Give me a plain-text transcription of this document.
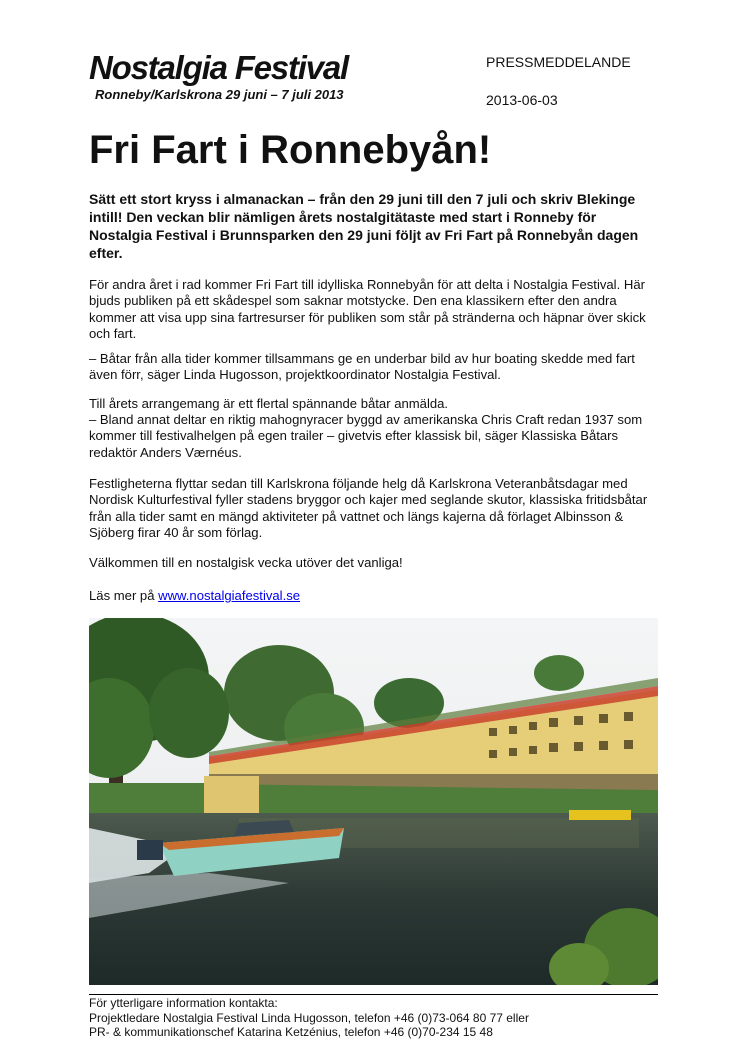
Nostalgia Festival
Ronneby/Karlskrona 29 juni – 7 juli 2013
PRESSMEDDELANDE
2013-06-03
Fri Fart i Ronnebyån!
Sätt ett stort kryss i almanackan – från den 29 juni till den 7 juli och skriv Blekinge intill! Den veckan blir nämligen årets nostalgitätaste med start i Ronneby för Nostalgia Festival i Brunnsparken den 29 juni följt av Fri Fart på Ronnebyån dagen efter.
För andra året i rad kommer Fri Fart till idylliska Ronnebyån för att delta i Nostalgia Festival. Här bjuds publiken på ett skådespel som saknar motstycke. Den ena klassikern efter den andra kommer att visa upp sina fartresurser för publiken som står på stränderna och häpnar över skick och fart.
– Båtar från alla tider kommer tillsammans ge en underbar bild av hur boating skedde med fart även förr, säger Linda Hugosson, projektkoordinator Nostalgia Festival.
Till årets arrangemang är ett flertal spännande båtar anmälda.
– Bland annat deltar en riktig mahognyracer byggd av amerikanska Chris Craft redan 1937 som kommer till festivalhelgen på egen trailer – givetvis efter klassisk bil, säger Klassiska Båtars redaktör Anders Værnéus.
Festligheterna flyttar sedan till Karlskrona följande helg då Karlskrona Veteranbåtsdagar med Nordisk Kulturfestival fyller stadens bryggor och kajer med seglande skutor, klassiska fritidsbåtar från alla tider samt en mängd aktiviteter på vattnet och längs kajerna då förlaget Albinsson & Sjöberg firar 40 år som förlag.
Välkommen till en nostalgisk vecka utöver det vanliga!
Läs mer på www.nostalgiafestival.se
För ytterligare information kontakta:
Projektledare Nostalgia Festival Linda Hugosson, telefon +46 (0)73-064 80 77 eller
PR- & kommunikationschef Katarina Ketzénius, telefon +46 (0)70-234 15 48
